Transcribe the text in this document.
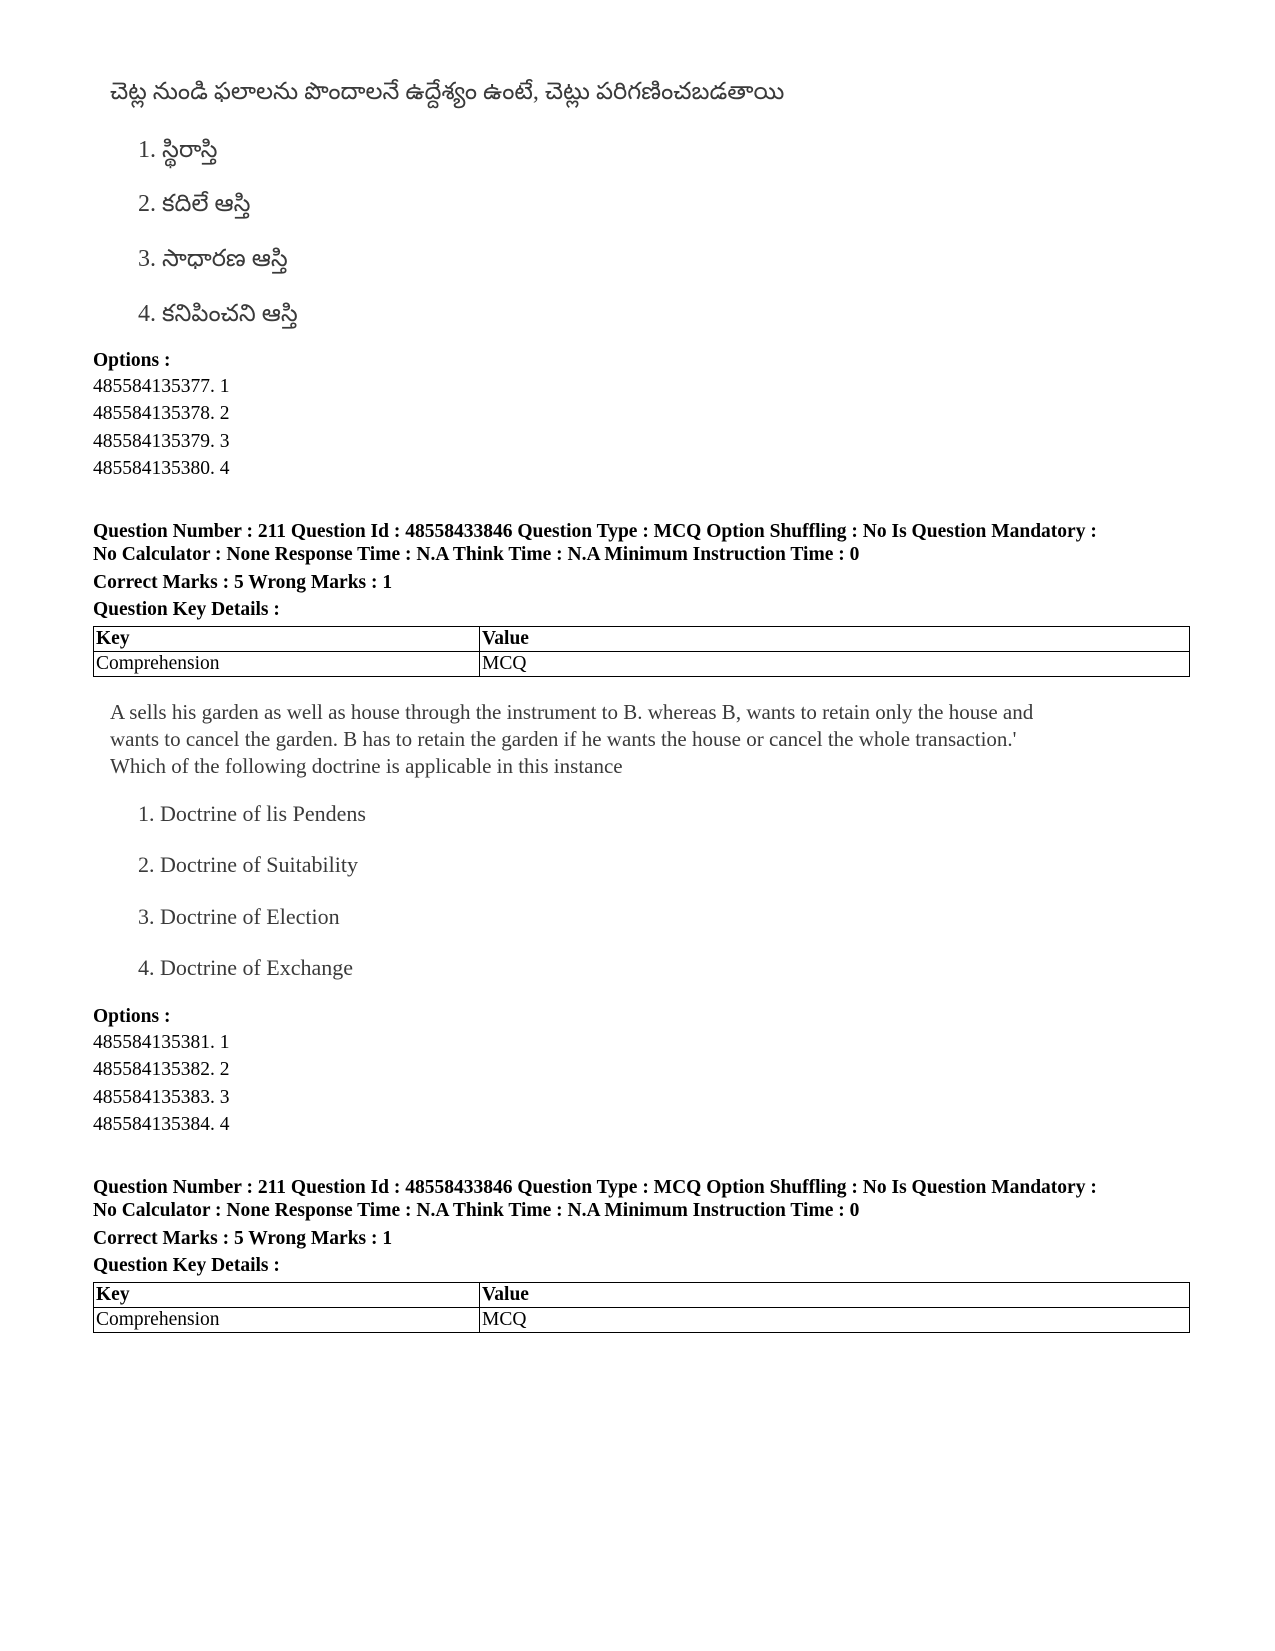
చెట్ల నుండి ఫలాలను పొందాలనే ఉద్దేశ్యం ఉంటే, చెట్లు పరిగణించబడతాయి
1. స్థిరాస్తి
2. కదిలే ఆస్తి
3. సాధారణ ఆస్తి
4. కనిపించని ఆస్తి
Options :
485584135377. 1
485584135378. 2
485584135379. 3
485584135380. 4
Question Number : 211 Question Id : 48558433846 Question Type : MCQ Option Shuffling : No Is Question Mandatory :
No Calculator : None Response Time : N.A Think Time : N.A Minimum Instruction Time : 0
Correct Marks : 5 Wrong Marks : 1
Question Key Details :
Key	Value
Comprehension	MCQ
A sells his garden as well as house through the instrument to B. whereas B, wants to retain only the house and
wants to cancel the garden. B has to retain the garden if he wants the house or cancel the whole transaction.'
Which of the following doctrine is applicable in this instance
1. Doctrine of lis Pendens
2. Doctrine of Suitability
3. Doctrine of Election
4. Doctrine of Exchange
Options :
485584135381. 1
485584135382. 2
485584135383. 3
485584135384. 4
Question Number : 211 Question Id : 48558433846 Question Type : MCQ Option Shuffling : No Is Question Mandatory :
No Calculator : None Response Time : N.A Think Time : N.A Minimum Instruction Time : 0
Correct Marks : 5 Wrong Marks : 1
Question Key Details :
Key	Value
Comprehension	MCQ
